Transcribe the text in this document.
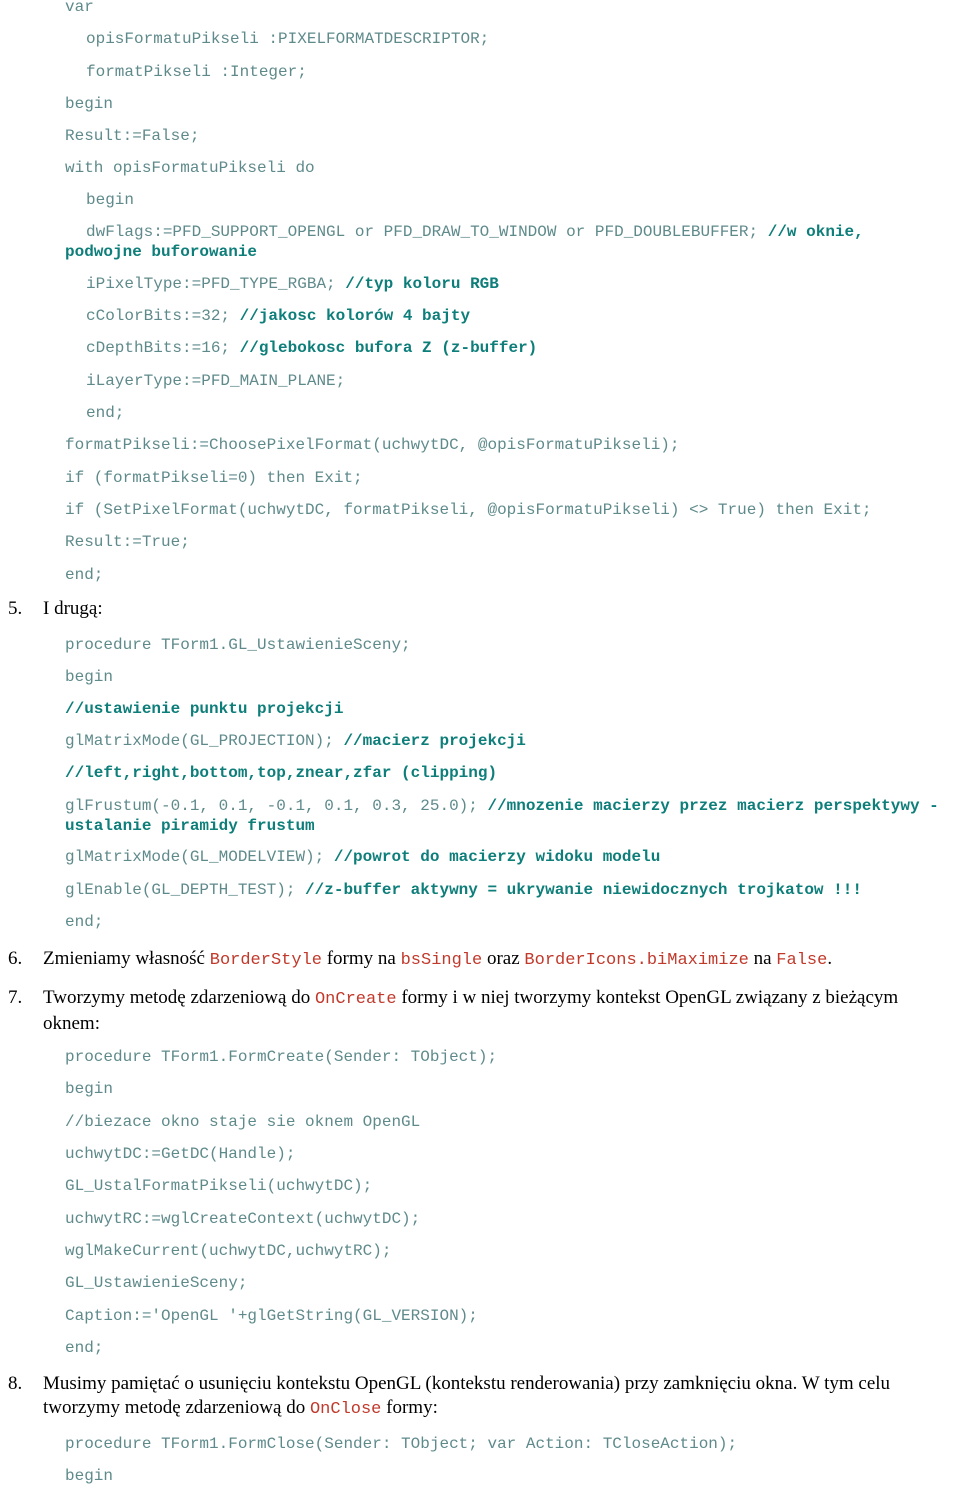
var
opisFormatuPikseli :PIXELFORMATDESCRIPTOR;
formatPikseli :Integer;
begin
Result:=False;
with opisFormatuPikseli do
begin
dwFlags:=PFD_SUPPORT_OPENGL or PFD_DRAW_TO_WINDOW or PFD_DOUBLEBUFFER; //w oknie, podwojne buforowanie
iPixelType:=PFD_TYPE_RGBA; //typ koloru RGB
cColorBits:=32; //jakosc kolorów 4 bajty
cDepthBits:=16; //glebokosc bufora Z (z-buffer)
iLayerType:=PFD_MAIN_PLANE;
end;
formatPikseli:=ChoosePixelFormat(uchwytDC, @opisFormatuPikseli);
if (formatPikseli=0) then Exit;
if (SetPixelFormat(uchwytDC, formatPikseli, @opisFormatuPikseli) <> True) then Exit;
Result:=True;
end;
5. I drugą:
procedure TForm1.GL_UstawienieSceny;
begin
//ustawienie punktu projekcji
glMatrixMode(GL_PROJECTION); //macierz projekcji
//left,right,bottom,top,znear,zfar (clipping)
glFrustum(-0.1, 0.1, -0.1, 0.1, 0.3, 25.0); //mnozenie macierzy przez macierz perspektywy - ustalanie piramidy frustum
glMatrixMode(GL_MODELVIEW); //powrot do macierzy widoku modelu
glEnable(GL_DEPTH_TEST); //z-buffer aktywny = ukrywanie niewidocznych trojkatow !!!
end;
6. Zmieniamy własność BorderStyle formy na bsSingle oraz BorderIcons.biMaximize na False.
7. Tworzymy metodę zdarzeniową do OnCreate formy i w niej tworzymy kontekst OpenGL związany z bieżącym oknem:
procedure TForm1.FormCreate(Sender: TObject);
begin
//biezace okno staje sie oknem OpenGL
uchwytDC:=GetDC(Handle);
GL_UstalFormatPikseli(uchwytDC);
uchwytRC:=wglCreateContext(uchwytDC);
wglMakeCurrent(uchwytDC,uchwytRC);
GL_UstawienieSceny;
Caption:='OpenGL '+glGetString(GL_VERSION);
end;
8. Musimy pamiętać o usunięciu kontekstu OpenGL (kontekstu renderowania) przy zamknięciu okna. W tym celu tworzymy metodę zdarzeniową do OnClose formy:
procedure TForm1.FormClose(Sender: TObject; var Action: TCloseAction);
begin
